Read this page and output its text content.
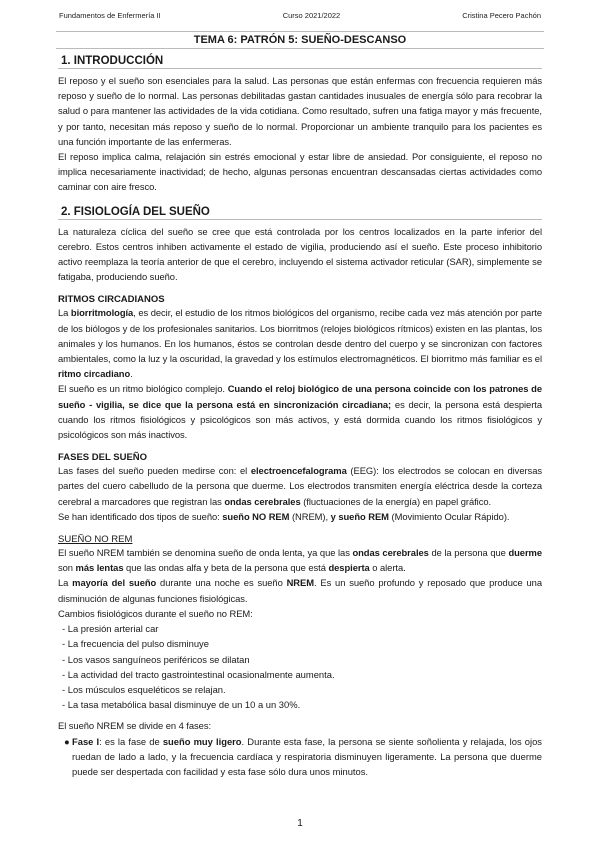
Fundamentos de Enfermería II	Curso 2021/2022	Cristina Pecero Pachón
TEMA 6: PATRÓN 5: SUEÑO-DESCANSO
1. INTRODUCCIÓN

El reposo y el sueño son esenciales para la salud. Las personas que están enfermas con frecuencia requieren más reposo y sueño de lo normal. Las personas debilitadas gastan cantidades inusuales de energía sólo para recobrar la salud o para mantener las actividades de la vida cotidiana. Como resultado, sufren una fatiga mayor y más frecuente, y por tanto, necesitan más reposo y sueño de lo normal. Proporcionar un ambiente tranquilo para los pacientes es una función importante de las enfermeras.

El reposo implica calma, relajación sin estrés emocional y estar libre de ansiedad. Por consiguiente, el reposo no implica necesariamente inactividad; de hecho, algunas personas encuentran descansadas ciertas actividades como caminar con aire fresco.

2. FISIOLOGÍA DEL SUEÑO

La naturaleza cíclica del sueño se cree que está controlada por los centros localizados en la parte inferior del cerebro. Estos centros inhiben activamente el estado de vigilia, produciendo así el sueño. Este proceso inhibitorio activo reemplaza la teoría anterior de que el cerebro, incluyendo el sistema activador reticular (SAR), simplemente se fatigaba, produciendo sueño.

RITMOS CIRCADIANOS

La biorritmología, es decir, el estudio de los ritmos biológicos del organismo, recibe cada vez más atención por parte de los biólogos y de los profesionales sanitarios. Los biorritmos (relojes biológicos rítmicos) existen en las plantas, los animales y los humanos. En los humanos, éstos se controlan desde dentro del cuerpo y se sincronizan con factores ambientales, como la luz y la oscuridad, la gravedad y los estímulos electromagnéticos. El biorritmo más familiar es el ritmo circadiano.

El sueño es un ritmo biológico complejo. Cuando el reloj biológico de una persona coincide con los patrones de sueño - vigilia, se dice que la persona está en sincronización circadiana; es decir, la persona está despierta cuando los ritmos fisiológicos y psicológicos son más activos, y está dormida cuando los ritmos fisiológicos y psicológicos son más inactivos.

FASES DEL SUEÑO

Las fases del sueño pueden medirse con: el electroencefalograma (EEG): los electrodos se colocan en diversas partes del cuero cabelludo de la persona que duerme. Los electrodos transmiten energía eléctrica desde la corteza cerebral a marcadores que registran las ondas cerebrales (fluctuaciones de la energía) en papel gráfico.

Se han identificado dos tipos de sueño: sueño NO REM (NREM), y sueño REM (Movimiento Ocular Rápido).

SUEÑO NO REM

El sueño NREM también se denomina sueño de onda lenta, ya que las ondas cerebrales de la persona que duerme son más lentas que las ondas alfa y beta de la persona que está despierta o alerta.

La mayoría del sueño durante una noche es sueño NREM. Es un sueño profundo y reposado que produce una disminución de algunas funciones fisiológicas.

Cambios fisiológicos durante el sueño no REM:

- La presión arterial car
- La frecuencia del pulso disminuye
- Los vasos sanguíneos periféricos se dilatan
- La actividad del tracto gastrointestinal ocasionalmente aumenta.
- Los músculos esqueléticos se relajan.
- La tasa metabólica basal disminuye de un 10 a un 30%.

El sueño NREM se divide en 4 fases:

● Fase I: es la fase de sueño muy ligero. Durante esta fase, la persona se siente soñolienta y relajada, los ojos ruedan de lado a lado, y la frecuencia cardíaca y respiratoria disminuyen ligeramente. La persona que duerme puede ser despertada con facilidad y esta fase sólo dura unos minutos.
1
